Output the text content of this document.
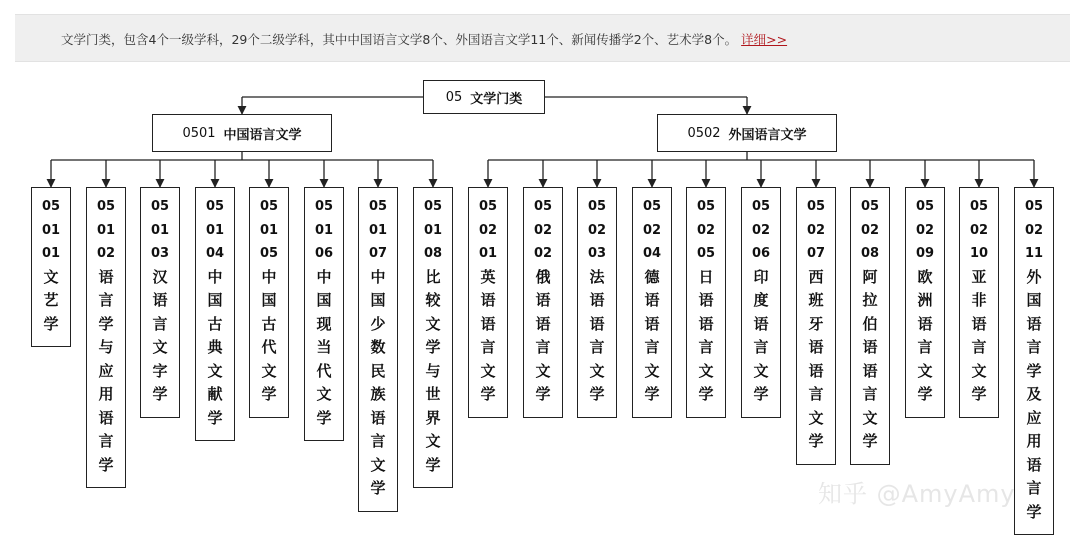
文学门类，包含4个一级学科，29个二级学科，其中中国语言文学8个、外国语言文学11个、新闻传播学2个、艺术学8个。 详细>>
05 文学门类
0501 中国语言文学	0502 外国语言文学
05
01
01
文
艺
学
05
01
02
语
言
学
与
应
用
语
言
学
05
01
03
汉
语
言
文
字
学
05
01
04
中
国
古
典
文
献
学
05
01
05
中
国
古
代
文
学
05
01
06
中
国
现
当
代
文
学
05
01
07
中
国
少
数
民
族
语
言
文
学
05
01
08
比
较
文
学
与
世
界
文
学
05
02
01
英
语
语
言
文
学
05
02
02
俄
语
语
言
文
学
05
02
03
法
语
语
言
文
学
05
02
04
德
语
语
言
文
学
05
02
05
日
语
语
言
文
学
05
02
06
印
度
语
言
文
学
05
02
07
西
班
牙
语
语
言
文
学
05
02
08
阿
拉
伯
语
语
言
文
学
05
02
09
欧
洲
语
言
文
学
05
02
10
亚
非
语
言
文
学
05
02
11
外
国
语
言
学
及
应
用
语
言
学
知乎 @AmyAmy
